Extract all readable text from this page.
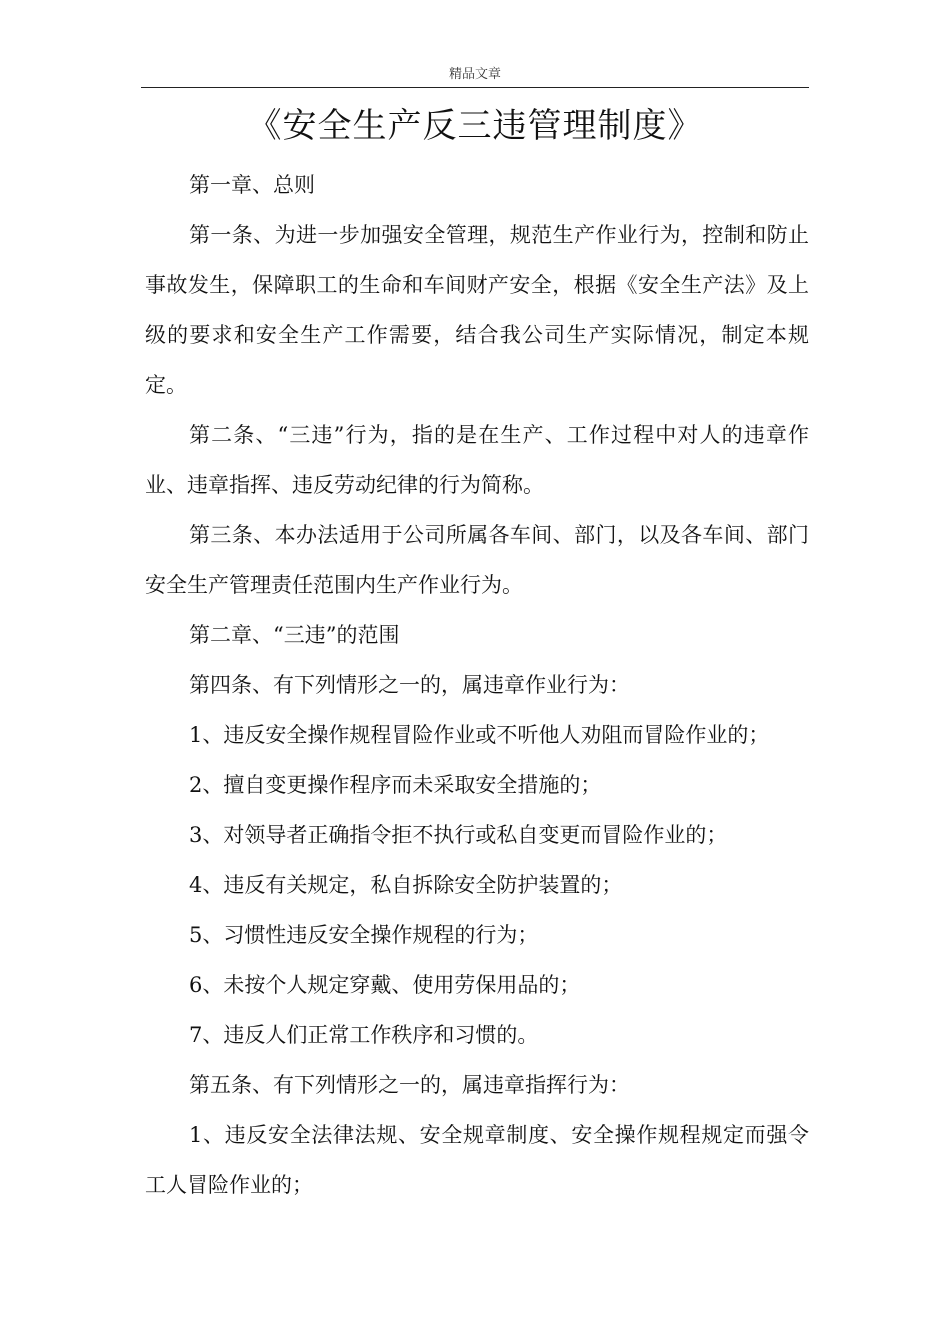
精品文章
《安全生产反三违管理制度》

第一章、总则

第一条、为进一步加强安全管理，规范生产作业行为，控制和防止事故发生，保障职工的生命和车间财产安全，根据《安全生产法》及上级的要求和安全生产工作需要，结合我公司生产实际情况，制定本规定。

第二条、“三违”行为，指的是在生产、工作过程中对人的违章作业、违章指挥、违反劳动纪律的行为简称。

第三条、本办法适用于公司所属各车间、部门，以及各车间、部门安全生产管理责任范围内生产作业行为。

第二章、“三违”的范围

第四条、有下列情形之一的，属违章作业行为：

1、违反安全操作规程冒险作业或不听他人劝阻而冒险作业的；

2、擅自变更操作程序而未采取安全措施的；

3、对领导者正确指令拒不执行或私自变更而冒险作业的；

4、违反有关规定，私自拆除安全防护装置的；

5、习惯性违反安全操作规程的行为；

6、未按个人规定穿戴、使用劳保用品的；

7、违反人们正常工作秩序和习惯的。

第五条、有下列情形之一的，属违章指挥行为：

1、违反安全法律法规、安全规章制度、安全操作规程规定而强令工人冒险作业的；
